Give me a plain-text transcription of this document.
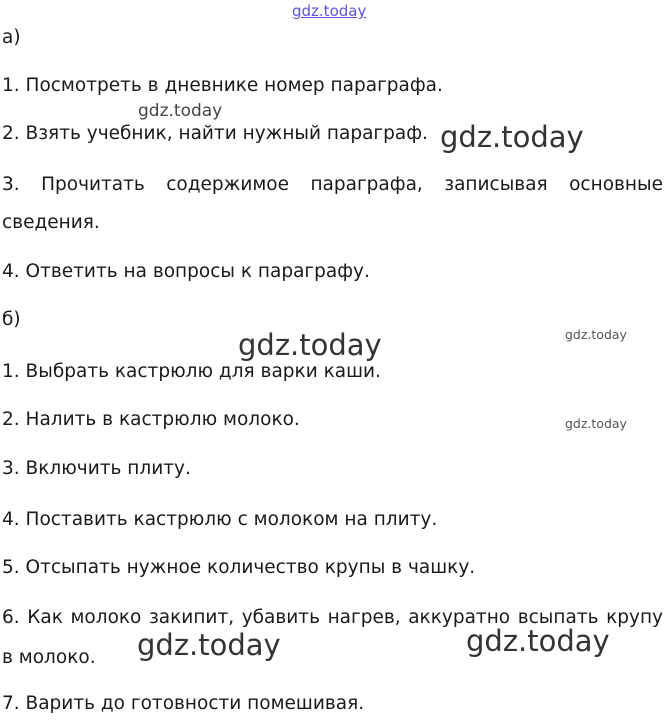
gdz.today
gdz.today
gdz.today
gdz.today	gdz.today
gdz.today
gdz.today	gdz.today
а)
1. Посмотреть в дневнике номер параграфа.
2. Взять учебник, найти нужный параграф.
3. Прочитать содержимое параграфа, записывая основные
сведения.
4. Ответить на вопросы к параграфу.
б)
1. Выбрать кастрюлю для варки каши.
2. Налить в кастрюлю молоко.
3. Включить плиту.
4. Поставить кастрюлю с молоком на плиту.
5. Отсыпать нужное количество крупы в чашку.
6. Как молоко закипит, убавить нагрев, аккуратно всыпать крупу
в молоко.
7. Варить до готовности помешивая.
